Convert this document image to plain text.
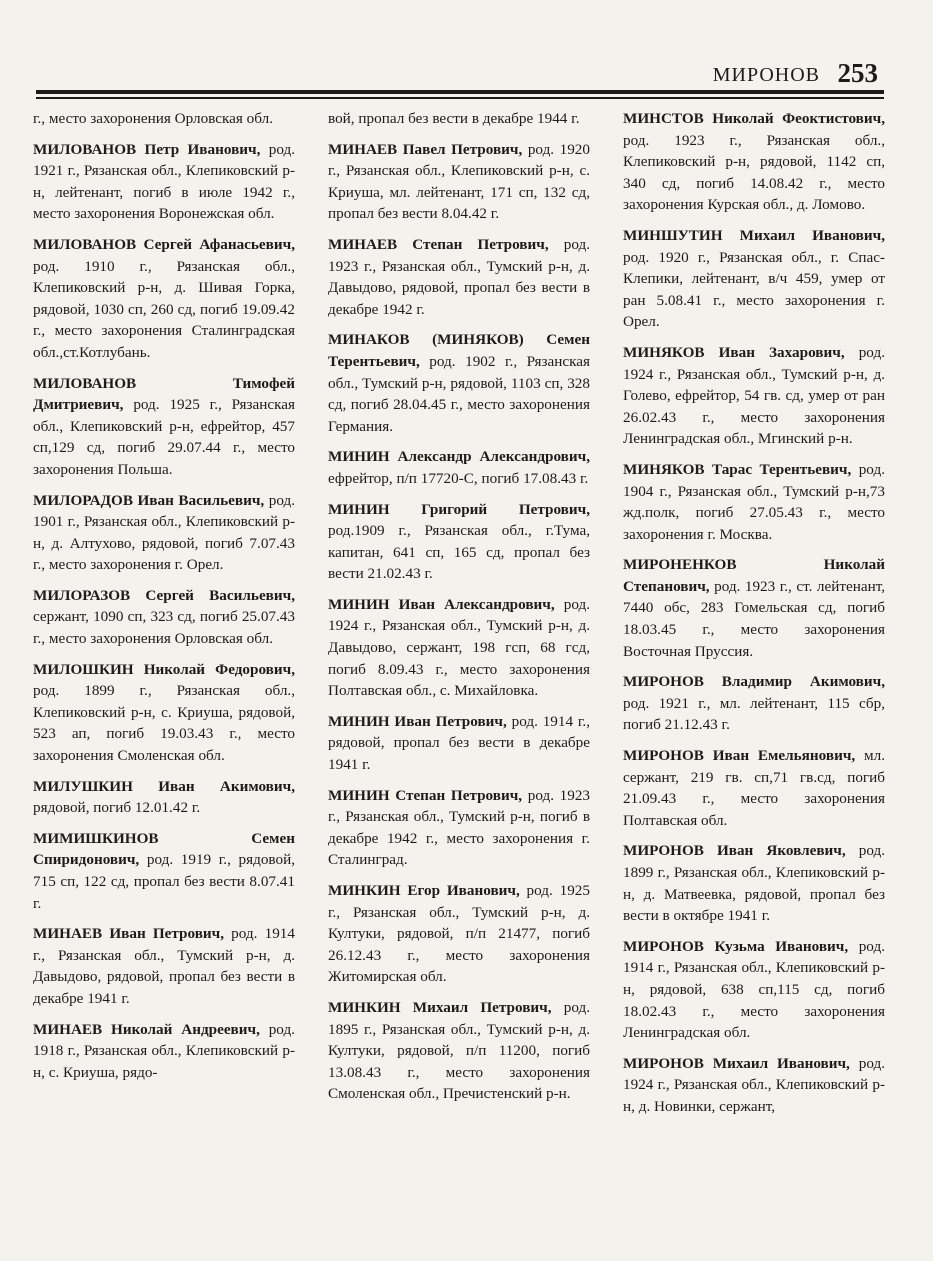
МИРОНОВ 253

г., место захоронения Орловская обл.

МИЛОВАНОВ Петр Иванович, род. 1921 г., Рязанская обл., Клепиковский р-н, лейтенант, погиб в июле 1942 г., место захоронения Воронежская обл.

МИЛОВАНОВ Сергей Афанасьевич, род. 1910 г., Рязанская обл., Клепиковский р-н, д. Шивая Горка, рядовой, 1030 сп, 260 сд, погиб 19.09.42 г., место захоронения Сталинградская обл.,ст.Котлубань.

МИЛОВАНОВ Тимофей Дмитриевич, род. 1925 г., Рязанская обл., Клепиковский р-н, ефрейтор, 457 сп,129 сд, погиб 29.07.44 г., место захоронения Польша.

МИЛОРАДОВ Иван Васильевич, род. 1901 г., Рязанская обл., Клепиковский р-н, д. Алтухово, рядовой, погиб 7.07.43 г., место захоронения г. Орел.

МИЛОРАЗОВ Сергей Васильевич, сержант, 1090 сп, 323 сд, погиб 25.07.43 г., место захоронения Орловская обл.

МИЛОШКИН Николай Федорович, род. 1899 г., Рязанская обл., Клепиковский р-н, с. Криуша, рядовой, 523 ап, погиб 19.03.43 г., место захоронения Смоленская обл.

МИЛУШКИН Иван Акимович, рядовой, погиб 12.01.42 г.

МИМИШКИНОВ Семен Спиридонович, род. 1919 г., рядовой, 715 сп, 122 сд, пропал без вести 8.07.41 г.

МИНАЕВ Иван Петрович, род. 1914 г., Рязанская обл., Тумский р-н, д. Давыдово, рядовой, пропал без вести в декабре 1941 г.

МИНАЕВ Николай Андреевич, род. 1918 г., Рязанская обл., Клепиковский р-н, с. Криуша, рядо-

вой, пропал без вести в декабре 1944 г.

МИНАЕВ Павел Петрович, род. 1920 г., Рязанская обл., Клепиковский р-н, с. Криуша, мл. лейтенант, 171 сп, 132 сд, пропал без вести 8.04.42 г.

МИНАЕВ Степан Петрович, род. 1923 г., Рязанская обл., Тумский р-н, д. Давыдово, рядовой, пропал без вести в декабре 1942 г.

МИНАКОВ (МИНЯКОВ) Семен Терентьевич, род. 1902 г., Рязанская обл., Тумский р-н, рядовой, 1103 сп, 328 сд, погиб 28.04.45 г., место захоронения Германия.

МИНИН Александр Александрович, ефрейтор, п/п 17720-С, погиб 17.08.43 г.

МИНИН Григорий Петрович, род.1909 г., Рязанская обл., г.Тума, капитан, 641 сп, 165 сд, пропал без вести 21.02.43 г.

МИНИН Иван Александрович, род. 1924 г., Рязанская обл., Тумский р-н, д. Давыдово, сержант, 198 гсп, 68 гсд, погиб 8.09.43 г., место захоронения Полтавская обл., с. Михайловка.

МИНИН Иван Петрович, род. 1914 г., рядовой, пропал без вести в декабре 1941 г.

МИНИН Степан Петрович, род. 1923 г., Рязанская обл., Тумский р-н, погиб в декабре 1942 г., место захоронения г. Сталинград.

МИНКИН Егор Иванович, род. 1925 г., Рязанская обл., Тумский р-н, д. Култуки, рядовой, п/п 21477, погиб 26.12.43 г., место захоронения Житомирская обл.

МИНКИН Михаил Петрович, род. 1895 г., Рязанская обл., Тумский р-н, д. Култуки, рядовой, п/п 11200, погиб 13.08.43 г., место захоронения Смоленская обл., Пречистенский р-н.

МИНСТОВ Николай Феоктистович, род. 1923 г., Рязанская обл., Клепиковский р-н, рядовой, 1142 сп, 340 сд, погиб 14.08.42 г., место захоронения Курская обл., д. Ломово.

МИНШУТИН Михаил Иванович, род. 1920 г., Рязанская обл., г. Спас-Клепики, лейтенант, в/ч 459, умер от ран 5.08.41 г., место захоронения г. Орел.

МИНЯКОВ Иван Захарович, род. 1924 г., Рязанская обл., Тумский р-н, д. Голево, ефрейтор, 54 гв. сд, умер от ран 26.02.43 г., место захоронения Ленинградская обл., Мгинский р-н.

МИНЯКОВ Тарас Терентьевич, род. 1904 г., Рязанская обл., Тумский р-н,73 жд.полк, погиб 27.05.43 г., место захоронения г. Москва.

МИРОНЕНКОВ Николай Степанович, род. 1923 г., ст. лейтенант, 7440 обс, 283 Гомельская сд, погиб 18.03.45 г., место захоронения Восточная Пруссия.

МИРОНОВ Владимир Акимович, род. 1921 г., мл. лейтенант, 115 сбр, погиб 21.12.43 г.

МИРОНОВ Иван Емельянович, мл. сержант, 219 гв. сп,71 гв.сд, погиб 21.09.43 г., место захоронения Полтавская обл.

МИРОНОВ Иван Яковлевич, род. 1899 г., Рязанская обл., Клепиковский р-н, д. Матвеевка, рядовой, пропал без вести в октябре 1941 г.

МИРОНОВ Кузьма Иванович, род. 1914 г., Рязанская обл., Клепиковский р-н, рядовой, 638 сп,115 сд, погиб 18.02.43 г., место захоронения Ленинградская обл.

МИРОНОВ Михаил Иванович, род. 1924 г., Рязанская обл., Клепиковский р-н, д. Новинки, сержант,
